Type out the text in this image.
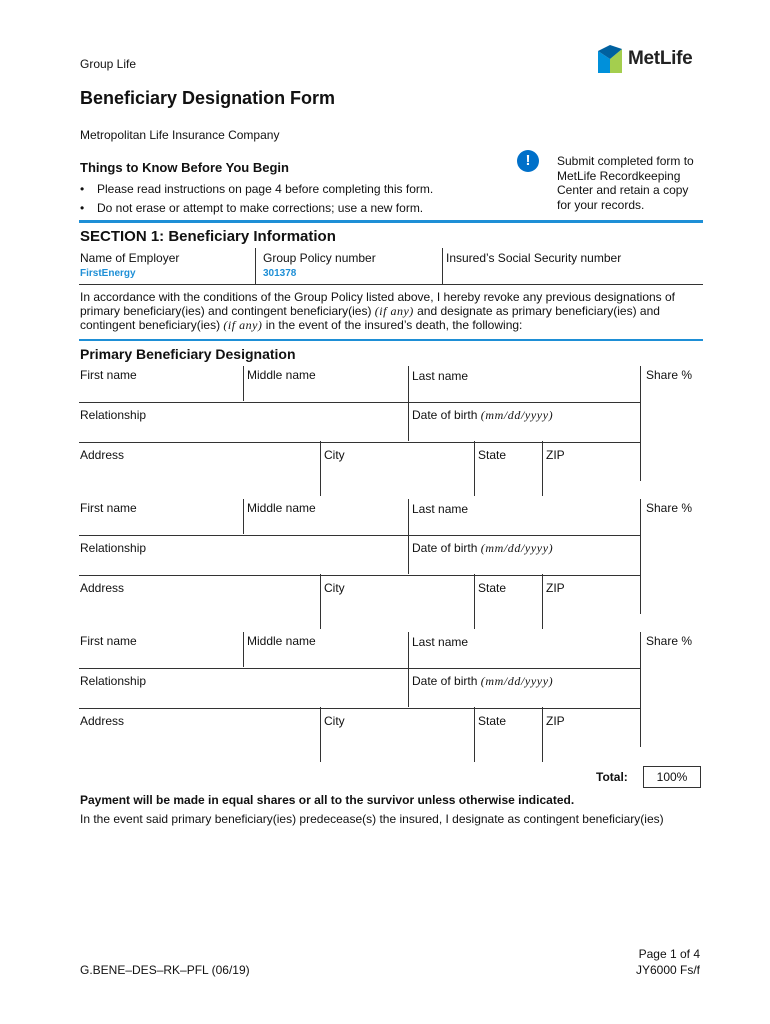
Group Life	MetLife
Beneficiary Designation Form
Metropolitan Life Insurance Company
Things to Know Before You Begin
• Please read instructions on page 4 before completing this form.
• Do not erase or attempt to make corrections; use a new form.
!	Submit completed form to
MetLife Recordkeeping
Center and retain a copy
for your records.
SECTION 1: Beneficiary Information
Name of Employer
FirstEnergy
Group Policy number
301378
Insured’s Social Security number
In accordance with the conditions of the Group Policy listed above, I hereby revoke any previous designations of primary beneficiary(ies) and contingent beneficiary(ies) (if any) and designate as primary beneficiary(ies) and contingent beneficiary(ies) (if any) in the event of the insured’s death, the following:
Primary Beneficiary Designation
First name	Middle name	Last name	Share %
Relationship	Date of birth (mm/dd/yyyy)
Address	City	State	ZIP
First name	Middle name	Last name	Share %
Relationship	Date of birth (mm/dd/yyyy)
Address	City	State	ZIP
First name	Middle name	Last name	Share %
Relationship	Date of birth (mm/dd/yyyy)
Address	City	State	ZIP
Total:	100%
Payment will be made in equal shares or all to the survivor unless otherwise indicated.
In the event said primary beneficiary(ies) predecease(s) the insured, I designate as contingent beneficiary(ies)
G.BENE–DES–RK–PFL (06/19)
Page 1 of 4
JY6000 Fs/f
